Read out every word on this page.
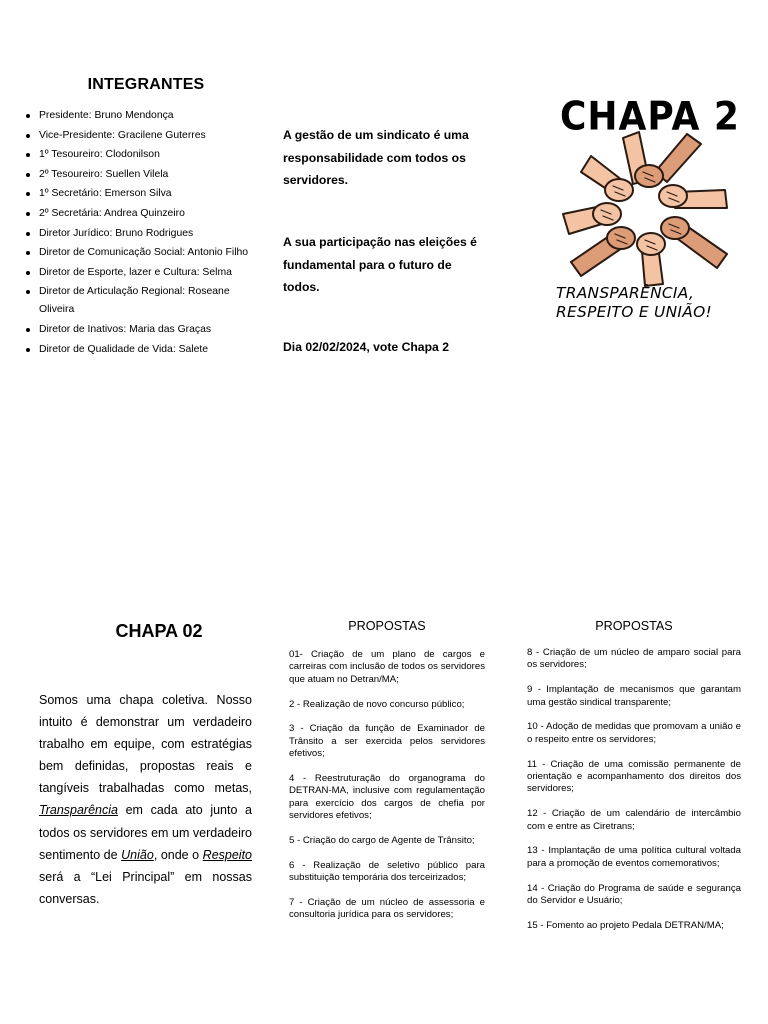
INTEGRANTES
Presidente: Bruno Mendonça
Vice-Presidente: Gracilene Guterres
1º Tesoureiro: Clodonilson
2º Tesoureiro: Suellen Vilela
1º Secretário: Emerson Silva
2º Secretária: Andrea Quinzeiro
Diretor Jurídico: Bruno Rodrigues
Diretor de Comunicação Social: Antonio Filho
Diretor de Esporte, lazer e Cultura: Selma
Diretor de Articulação Regional: Roseane Oliveira
Diretor de Inativos: Maria das Graças
Diretor de Qualidade de Vida: Salete
A gestão de um sindicato é uma responsabilidade com todos os servidores.
A sua participação nas eleições é fundamental para o futuro de todos.
Dia 02/02/2024, vote Chapa 2
CHAPA 2
TRANSPARÊNCIA,
RESPEITO E UNIÃO!
CHAPA 02

Somos uma chapa coletiva. Nosso intuito é demonstrar um verdadeiro trabalho em equipe, com estratégias bem definidas, propostas reais e tangíveis trabalhadas como metas, Transparência em cada ato junto a todos os servidores em um verdadeiro sentimento de União, onde o Respeito será a “Lei Principal” em nossas conversas.

PROPOSTAS	PROPOSTAS

01- Criação de um plano de cargos e carreiras com inclusão de todos os servidores que atuam no Detran/MA;

2 - Realização de novo concurso público;

3 - Criação da função de Examinador de Trânsito a ser exercida pelos servidores efetivos;

4 - Reestruturação do organograma do DETRAN-MA, inclusive com regulamentação para exercício dos cargos de chefia por servidores efetivos;

5 - Criação do cargo de Agente de Trânsito;

6 - Realização de seletivo público para substituição temporária dos terceirizados;

7 - Criação de um núcleo de assessoria e consultoria jurídica para os servidores;

8 - Criação de um núcleo de amparo social para os servidores;

9 - Implantação de mecanismos que garantam uma gestão sindical transparente;

10 - Adoção de medidas que promovam a união e o respeito entre os servidores;

11 - Criação de uma comissão permanente de orientação e acompanhamento dos direitos dos servidores;

12 - Criação de um calendário de intercâmbio com e entre as Ciretrans;

13 - Implantação de uma política cultural voltada para a promoção de eventos comemorativos;

14 - Criação do Programa de saúde e segurança do Servidor e Usuário;

15 - Fomento ao projeto Pedala DETRAN/MA;
